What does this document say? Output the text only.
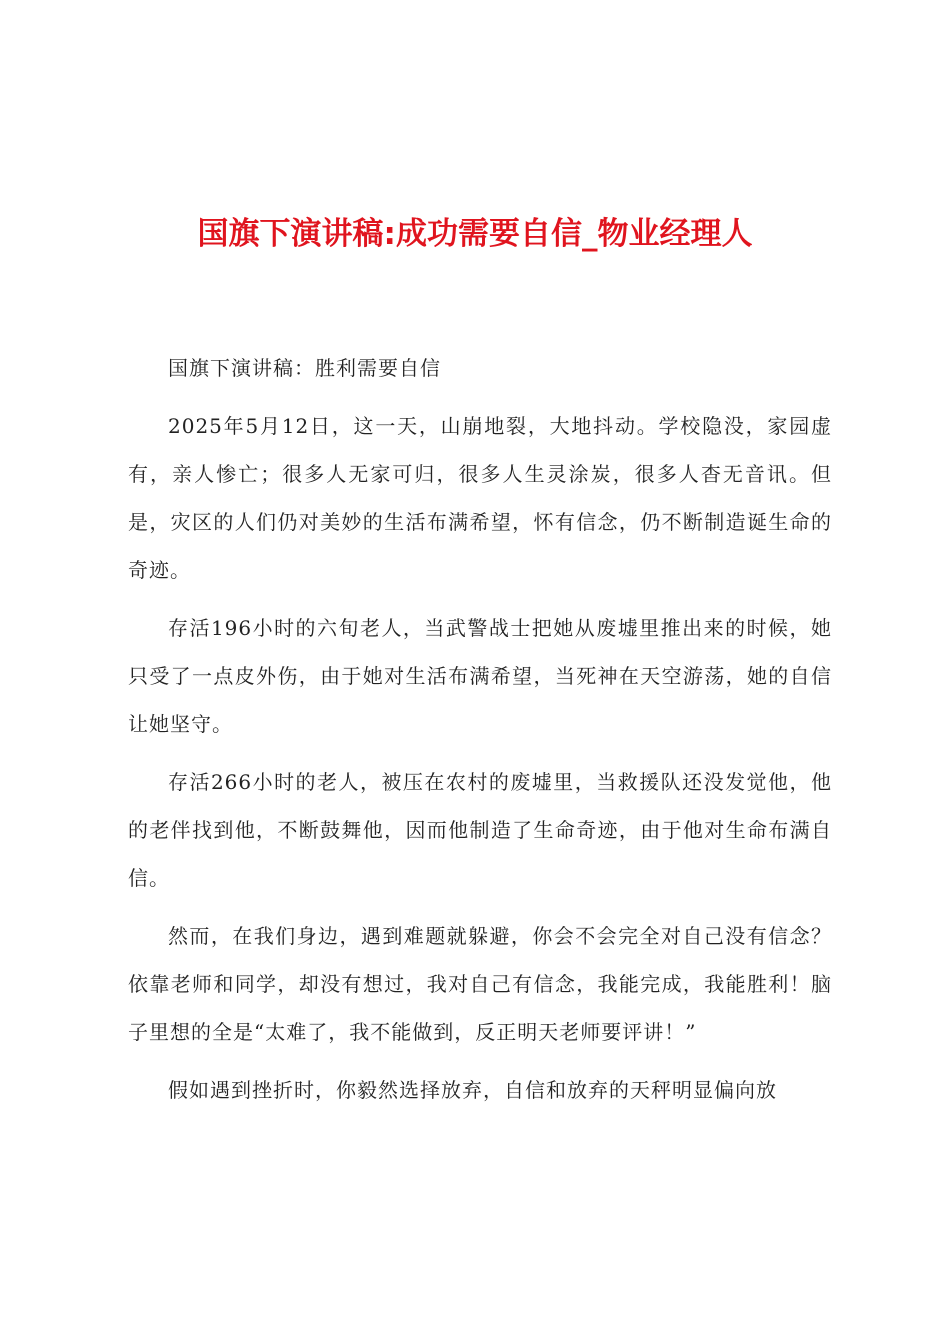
国旗下演讲稿:成功需要自信_物业经理人

国旗下演讲稿：胜利需要自信

2025年5月12日，这一天，山崩地裂，大地抖动。学校隐没，家园虚有，亲人惨亡；很多人无家可归，很多人生灵涂炭，很多人杳无音讯。但是，灾区的人们仍对美妙的生活布满希望，怀有信念，仍不断制造诞生命的奇迹。

存活196小时的六旬老人，当武警战士把她从废墟里推出来的时候，她只受了一点皮外伤，由于她对生活布满希望，当死神在天空游荡，她的自信让她坚守。

存活266小时的老人，被压在农村的废墟里，当救援队还没发觉他，他的老伴找到他，不断鼓舞他，因而他制造了生命奇迹，由于他对生命布满自信。

然而，在我们身边，遇到难题就躲避，你会不会完全对自己没有信念？依靠老师和同学，却没有想过，我对自己有信念，我能完成，我能胜利！脑子里想的全是“太难了，我不能做到，反正明天老师要评讲！”

假如遇到挫折时，你毅然选择放弃，自信和放弃的天秤明显偏向放
